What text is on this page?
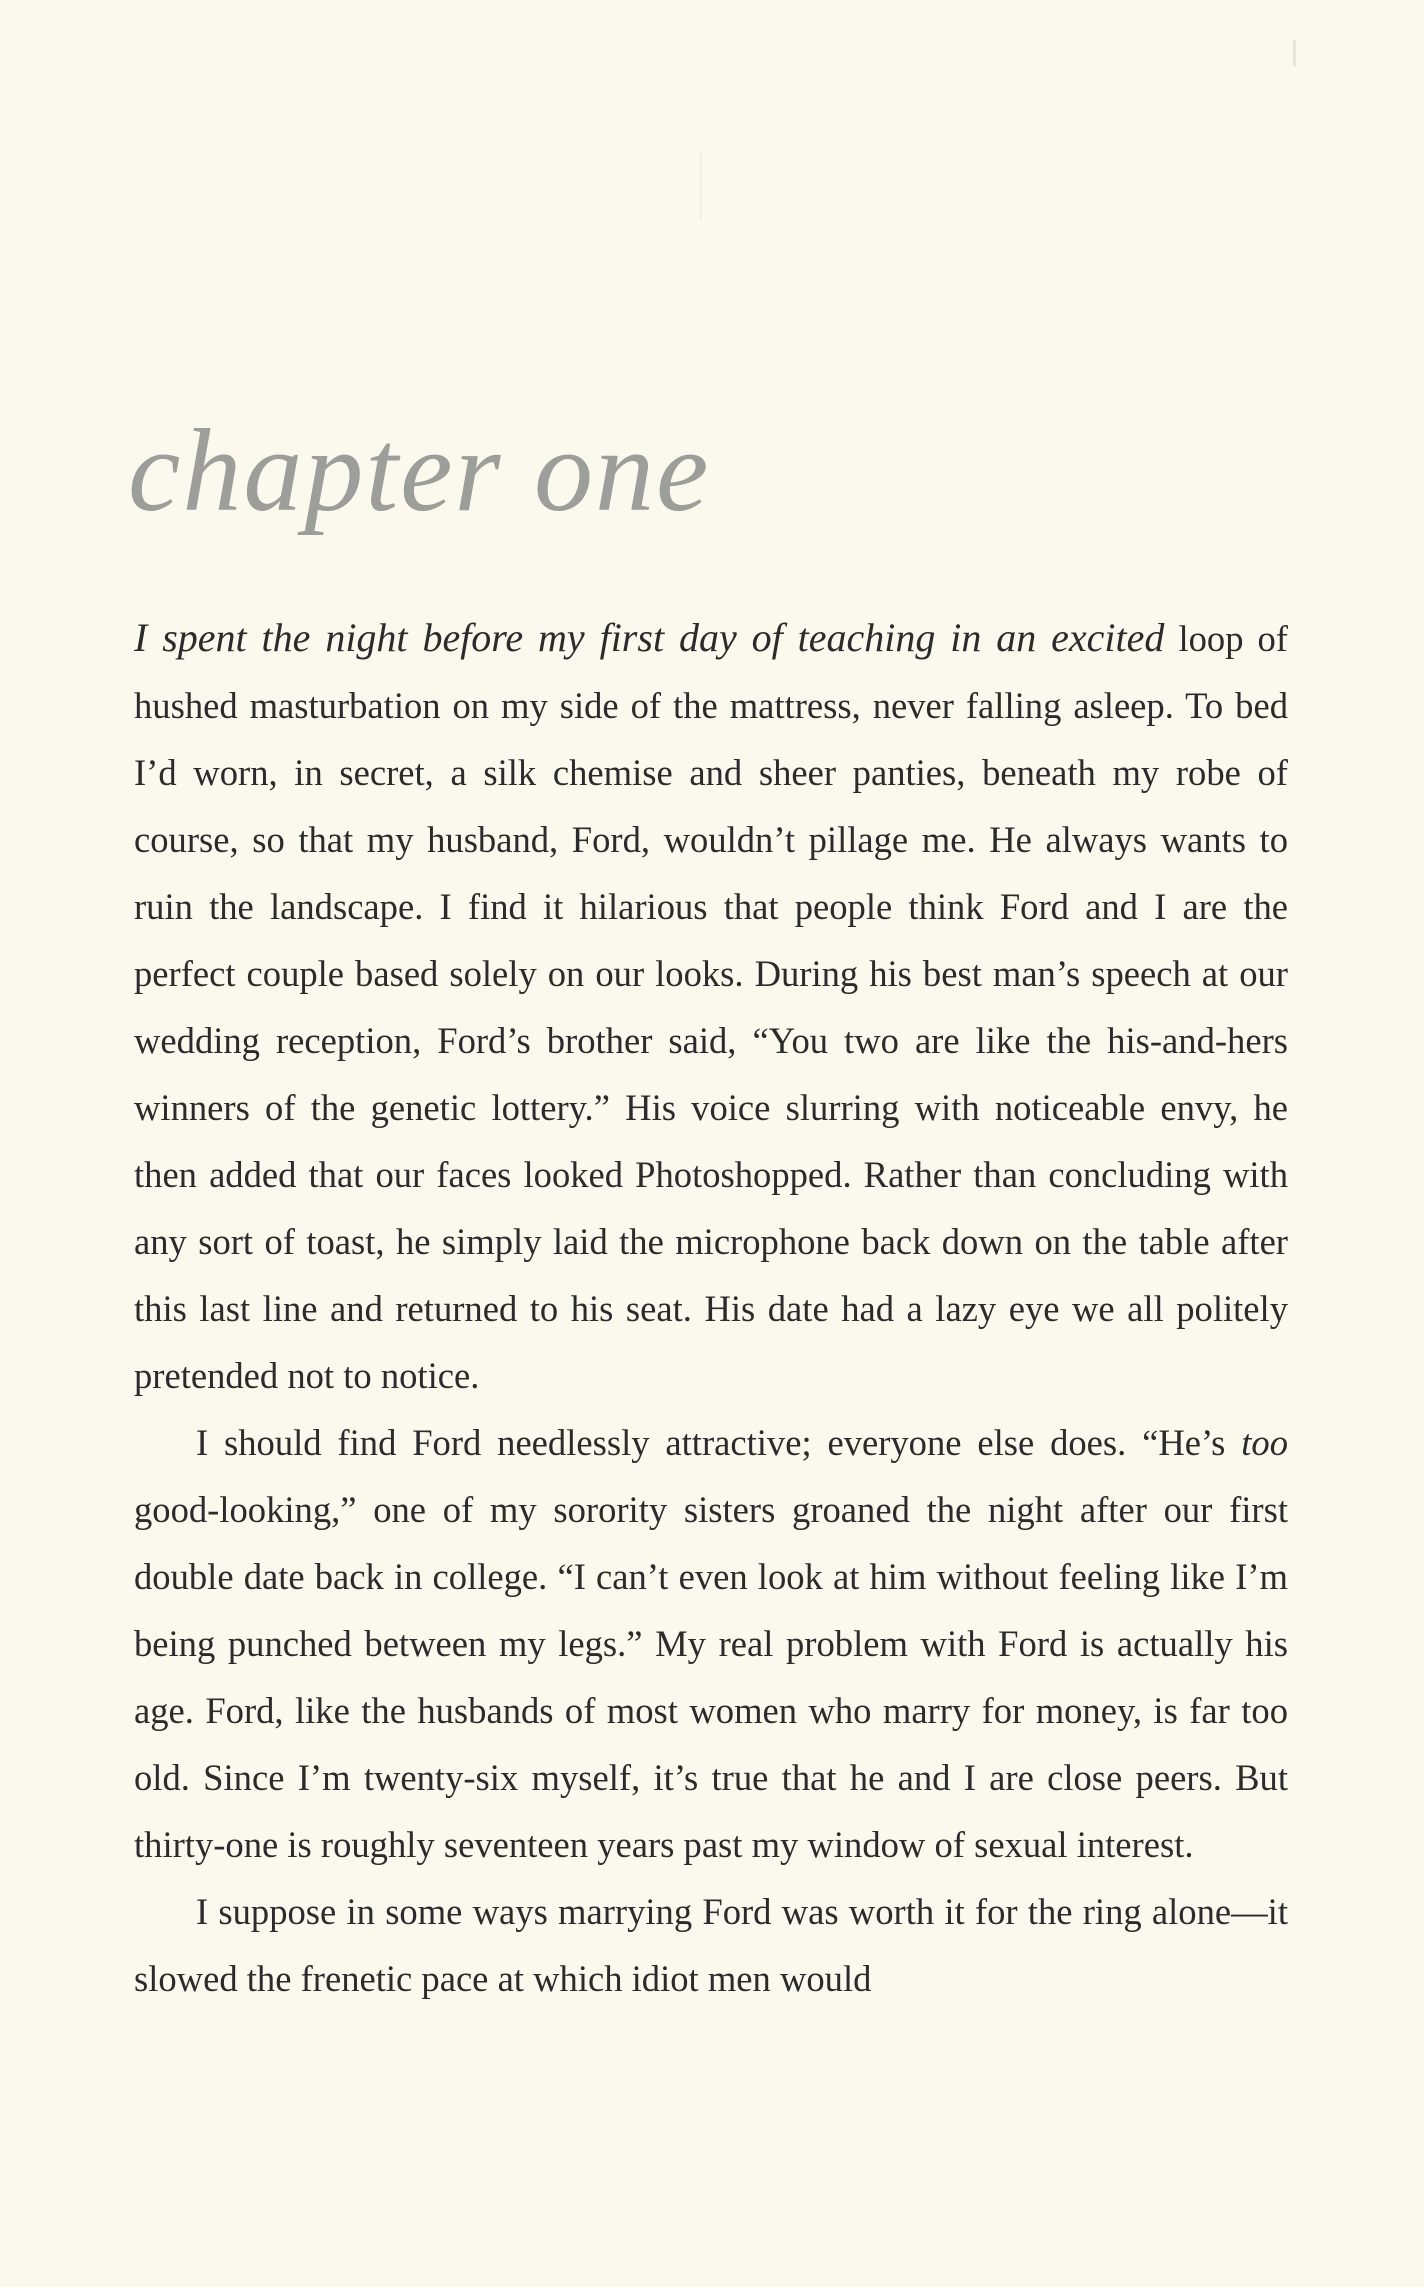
chapter one

I spent the night before my first day of teaching in an excited loop of hushed masturbation on my side of the mattress, never falling asleep. To bed I’d worn, in secret, a silk chemise and sheer panties, beneath my robe of course, so that my husband, Ford, wouldn’t pillage me. He always wants to ruin the landscape. I find it hilarious that people think Ford and I are the perfect couple based solely on our looks. During his best man’s speech at our wedding reception, Ford’s brother said, “You two are like the his-and-hers winners of the genetic lottery.” His voice slurring with noticeable envy, he then added that our faces looked Photoshopped. Rather than concluding with any sort of toast, he simply laid the microphone back down on the table after this last line and returned to his seat. His date had a lazy eye we all politely pretended not to notice.

I should find Ford needlessly attractive; everyone else does. “He’s too good-looking,” one of my sorority sisters groaned the night after our first double date back in college. “I can’t even look at him without feeling like I’m being punched between my legs.” My real problem with Ford is actually his age. Ford, like the husbands of most women who marry for money, is far too old. Since I’m twenty-six myself, it’s true that he and I are close peers. But thirty-one is roughly seventeen years past my window of sexual interest.

I suppose in some ways marrying Ford was worth it for the ring alone—it slowed the frenetic pace at which idiot men would
